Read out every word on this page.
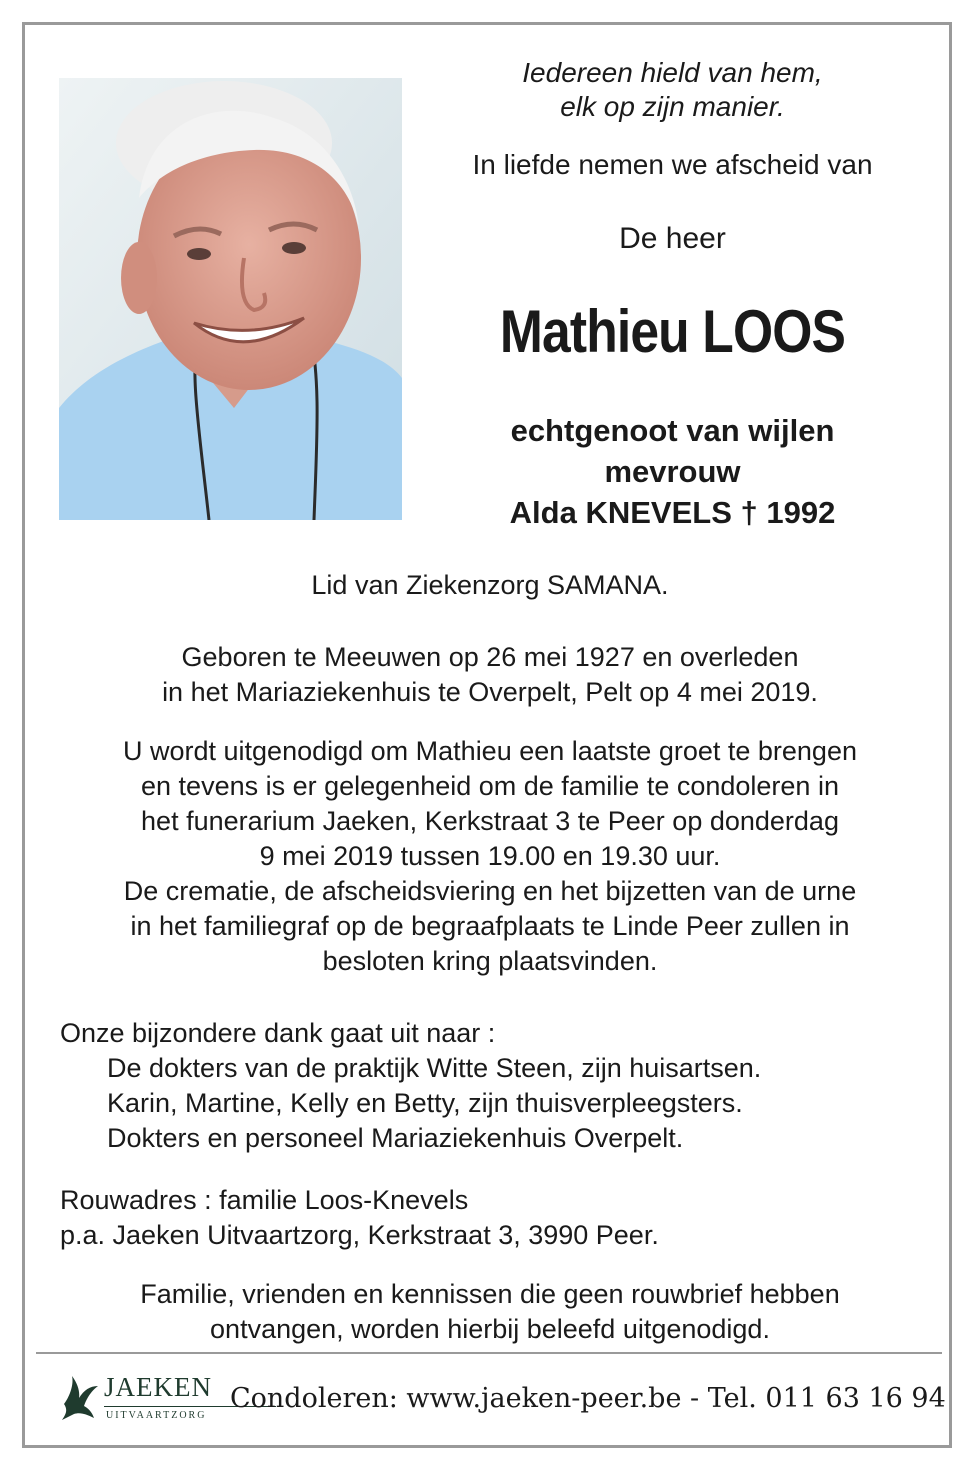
Iedereen hield van hem,
elk op zijn manier.
In liefde nemen we afscheid van
De heer
Mathieu LOOS
echtgenoot van wijlen
mevrouw
Alda KNEVELS † 1992
Lid van Ziekenzorg SAMANA.
Geboren te Meeuwen op 26 mei 1927 en overleden
in het Mariaziekenhuis te Overpelt, Pelt op 4 mei 2019.
U wordt uitgenodigd om Mathieu een laatste groet te brengen
en tevens is er gelegenheid om de familie te condoleren in
het funerarium Jaeken, Kerkstraat 3 te Peer op donderdag
9 mei 2019 tussen 19.00 en 19.30 uur.
De crematie, de afscheidsviering en het bijzetten van de urne
in het familiegraf op de begraafplaats te Linde Peer zullen in
besloten kring plaatsvinden.
Onze bijzondere dank gaat uit naar :
De dokters van de praktijk Witte Steen, zijn huisartsen.
Karin, Martine, Kelly en Betty, zijn thuisverpleegsters.
Dokters en personeel Mariaziekenhuis Overpelt.
Rouwadres : familie Loos-Knevels
p.a. Jaeken Uitvaartzorg, Kerkstraat 3, 3990 Peer.
Familie, vrienden en kennissen die geen rouwbrief hebben
ontvangen, worden hierbij beleefd uitgenodigd.
JAEKEN
UITVAARTZORG
Condoleren: www.jaeken-peer.be - Tel. 011 63 16 94
